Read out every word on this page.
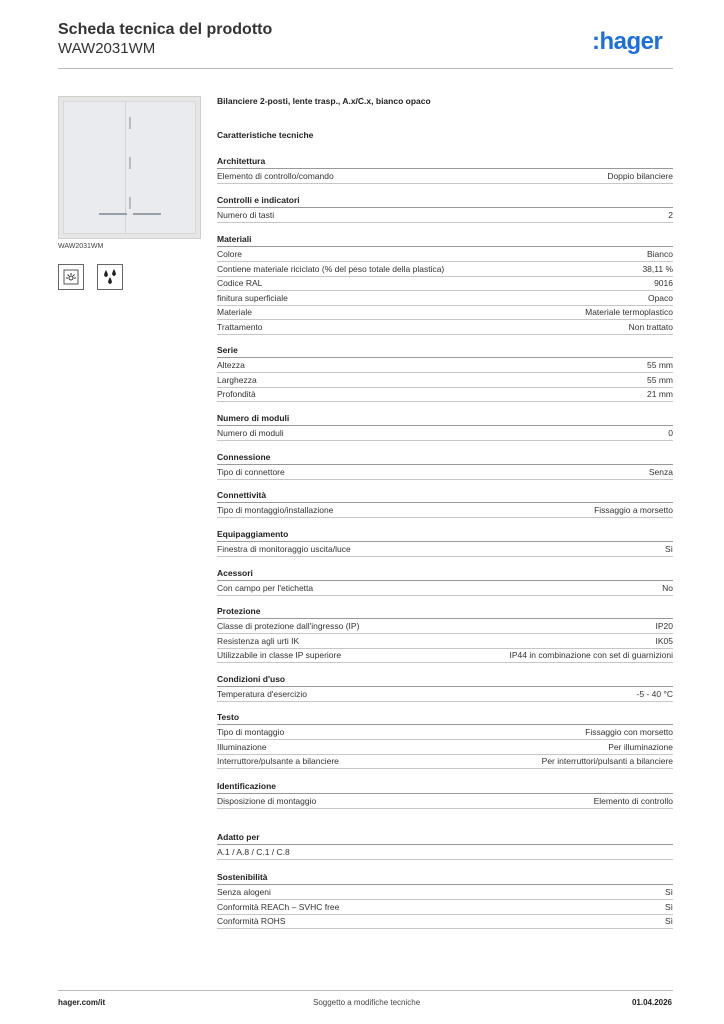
Scheda tecnica del prodotto
WAW2031WM	:hager
WAW2031WM
Bilanciere 2-posti, lente trasp., A.x/C.x, bianco opaco
Caratteristiche tecniche
Architettura
Elemento di controllo/comando	Doppio bilanciere
Controlli e indicatori
Numero di tasti	2
Materiali
Colore	Bianco
Contiene materiale riciclato (% del peso totale della plastica)	38,11 %
Codice RAL	9016
finitura superficiale	Opaco
Materiale	Materiale termoplastico
Trattamento	Non trattato
Serie
Altezza	55 mm
Larghezza	55 mm
Profondità	21 mm
Numero di moduli
Numero di moduli	0
Connessione
Tipo di connettore	Senza
Connettività
Tipo di montaggio/installazione	Fissaggio a morsetto
Equipaggiamento
Finestra di monitoraggio uscita/luce	Sì
Acessori
Con campo per l'etichetta	No
Protezione
Classe di protezione dall'ingresso (IP)	IP20
Resistenza agli urti IK	IK05
Utilizzabile in classe IP superiore	IP44 in combinazione con set di guarnizioni
Condizioni d'uso
Temperatura d'esercizio	-5 - 40 °C
Testo
Tipo di montaggio	Fissaggio con morsetto
Illuminazione	Per illuminazione
Interruttore/pulsante a bilanciere	Per interruttori/pulsanti a bilanciere
Identificazione
Disposizione di montaggio	Elemento di controllo
Adatto per
A.1 / A.8 / C.1 / C.8
Sostenibilità
Senza alogeni	Sì
Conformità REACh – SVHC free	Sì
Conformità ROHS	Sì
hager.com/it	Soggetto a modifiche tecniche	01.04.2026
